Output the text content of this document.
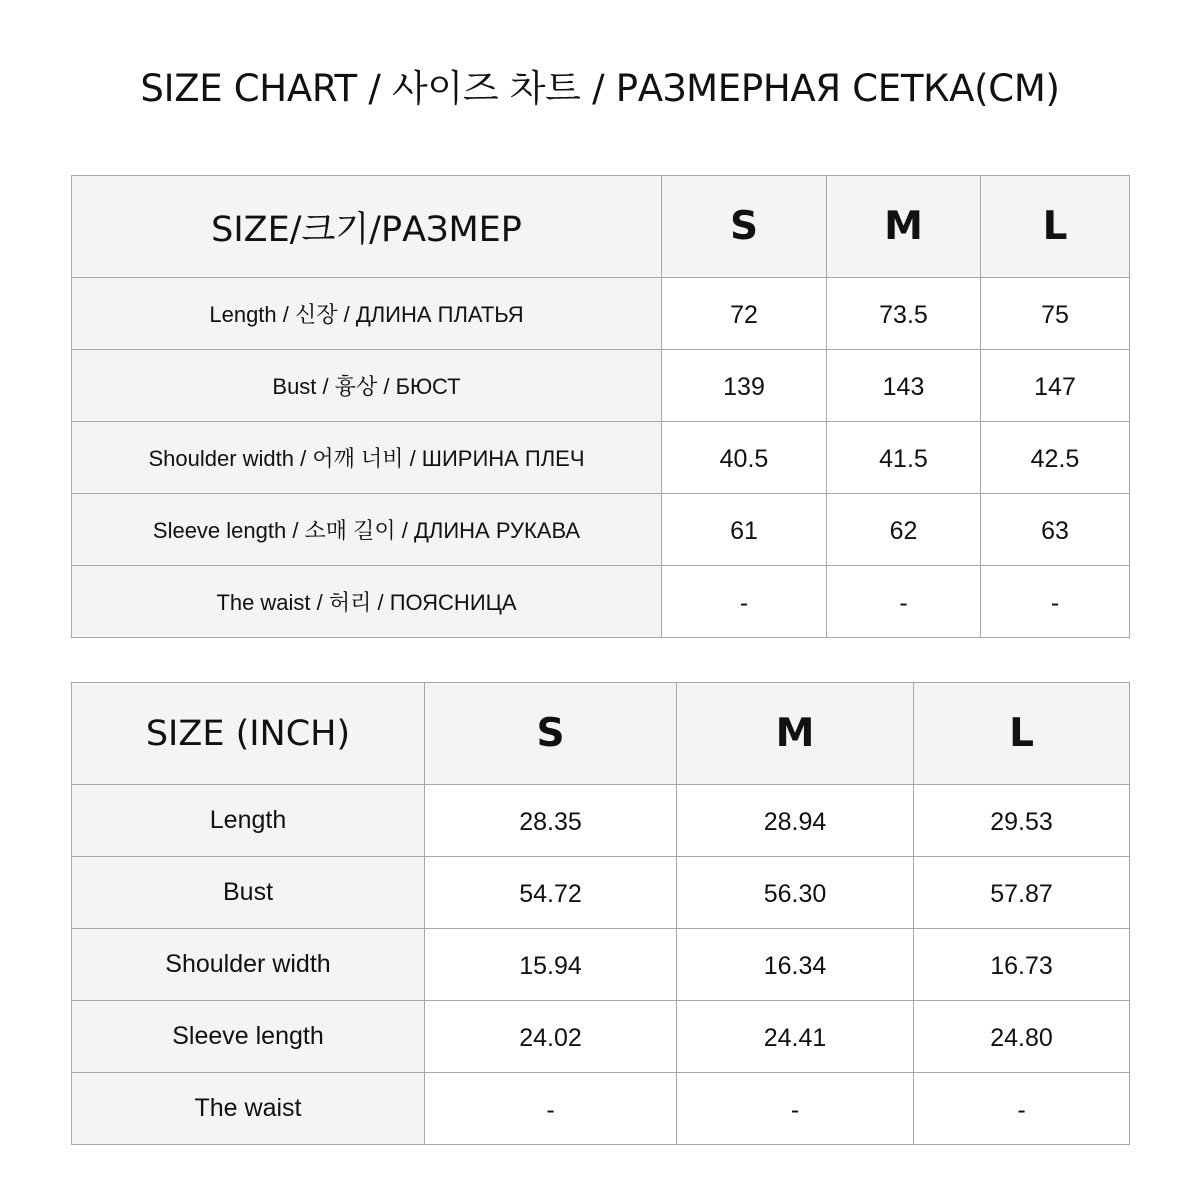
SIZE CHART / 사이즈 차트 / РАЗМЕРНАЯ СЕТКА(CM)
SIZE/크기/РАЗМЕР	S	M	L
Length / 신장 / ДЛИНА ПЛАТЬЯ	72	73.5	75
Bust / 흉상 / БЮСТ	139	143	147
Shoulder width / 어깨 너비 / ШИРИНА ПЛЕЧ	40.5	41.5	42.5
Sleeve length / 소매 길이 / ДЛИНА РУКАВА	61	62	63
The waist / 허리 / ПОЯСНИЦА	-	-	-
SIZE (INCH)	S	M	L
Length	28.35	28.94	29.53
Bust	54.72	56.30	57.87
Shoulder width	15.94	16.34	16.73
Sleeve length	24.02	24.41	24.80
The waist	-	-	-
